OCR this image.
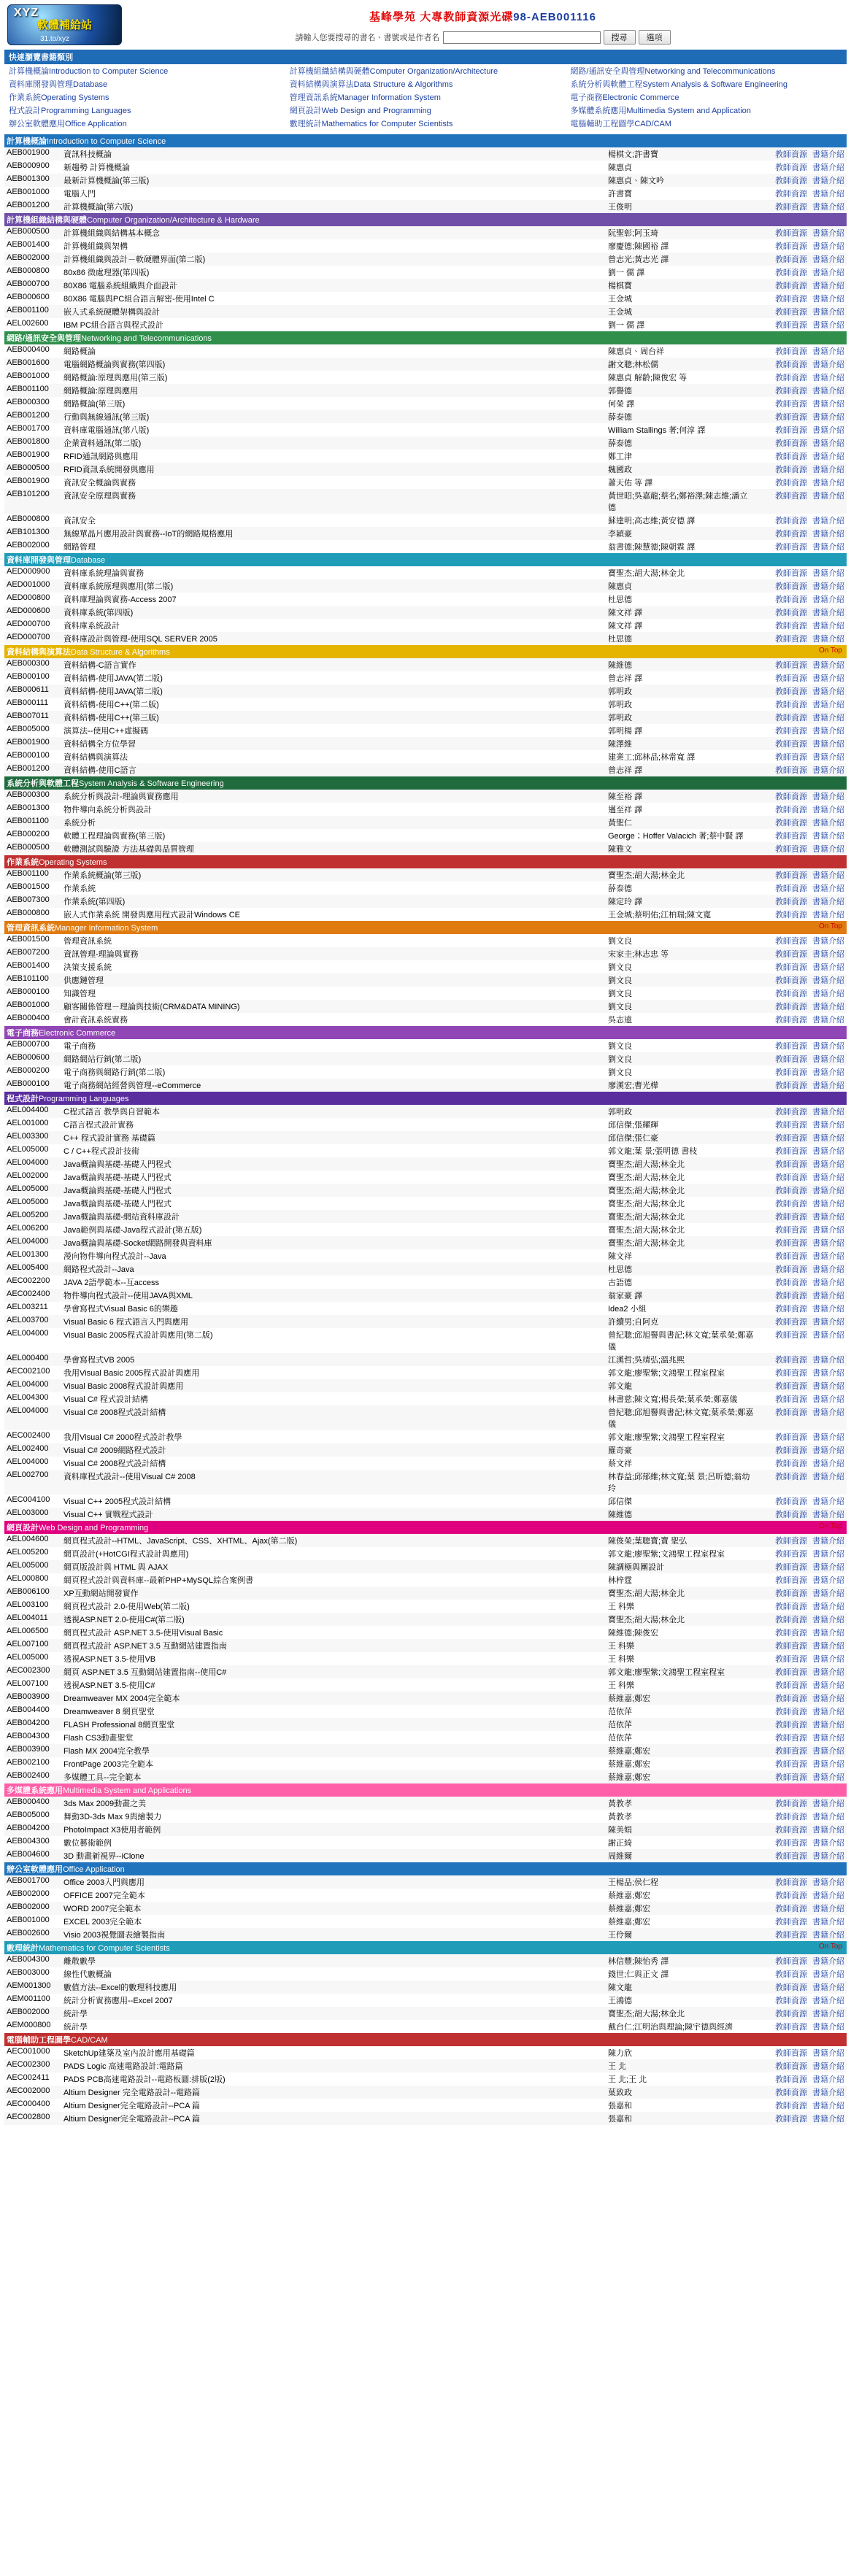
XYZ
軟體補給站
31.to/xyz
基峰學苑 大專教師資源光碟98-AEB001116
請輸入您要搜尋的書名、書號或是作者名	搜尋	選項
快速瀏覽書籍類別
計算機概論Introduction to Computer Science	計算機組織結構與硬體Computer Organization/Architecture	網路/通訊安全與管理Networking and Telecommunications
資料庫開發與管理Database	資料結構與演算法Data Structure & Algorithms	系統分析與軟體工程System Analysis & Software Engineering
作業系統Operating Systems	管理資訊系統Manager Information System	電子商務Electronic Commerce
程式設計Programming Languages	網頁設計Web Design and Programming	多媒體系統應用Multimedia System and Application
辦公室軟體應用Office Application	數理統計Mathematics for Computer Scientists	電腦輔助工程圖學CAD/CAM
計算機概論Introduction to Computer Science			
AEB001900	資訊科技概論	楊棋文;許書寶	教師資源 書籍介紹
AEB000900	新趨勢 計算機概論	陳惠貞	教師資源 書籍介紹
AEB001300	最新計算機概論(第三版)	陳惠貞、陳文吟	教師資源 書籍介紹
AEB001000	電腦入門	許書寶	教師資源 書籍介紹
AEB001200	計算機概論(第六版)	王俊明	教師資源 書籍介紹
計算機組織結構與硬體Computer Organization/Architecture & Hardware			
AEB000500	計算機組織與結構基本概念	阮聖彰;阿玉琦	教師資源 書籍介紹
AEB001400	計算機組織與架構	廖慶德;陳國裕 譯	教師資源 書籍介紹
AEB002000	計算機組織與設計－軟硬體界面(第二版)	曾志光;黃志光 譯	教師資源 書籍介紹
AEB000800	80x86 微處理器(第四版)	劉一 儒 譯	教師資源 書籍介紹
AEB000700	80X86 電腦系統組織與介面設計	楊棋寶	教師資源 書籍介紹
AEB000600	80X86 電腦與PC組合語言解密-使用Intel C	王金城	教師資源 書籍介紹
AEB001100	嵌入式系統硬體架構與設計	王金城	教師資源 書籍介紹
AEL002600	IBM PC組合語言與程式設計	劉一 儒 譯	教師資源 書籍介紹
網路/通訊安全與管理Networking and Telecommunications			
AEB000400	網路概論	陳惠貞、周台祥	教師資源 書籍介紹
AEB001600	電腦網路概論與實務(第四版)	謝文聰;林松儒	教師資源 書籍介紹
AEB001000	網路概論:原理與應用(第三版)	陳惠貞 解齡;陳俊宏 等	教師資源 書籍介紹
AEB001100	網路概論:原理與應用	郭譽德	教師資源 書籍介紹
AEB000300	網路概論(第三版)	何榮 譯	教師資源 書籍介紹
AEB001200	行動與無線通訊(第三版)	薛泰德	教師資源 書籍介紹
AEB001700	資料庫電腦通訊(第八版)	William Stallings 著;何淳 譯	教師資源 書籍介紹
AEB001800	企業資料通訊(第二版)	薛泰德	教師資源 書籍介紹
AEB001900	RFID通訊網路與應用	鄭工津	教師資源 書籍介紹
AEB000500	RFID資訊系統開發與應用	魏國政	教師資源 書籍介紹
AEB001900	資訊安全概論與實務	蕭天佑 等 譯	教師資源 書籍介紹
AEB101200	資訊安全原理與實務	黃世昭;吳嘉龍;蔡名;鄭裕澤;陳志維;潘立德	教師資源 書籍介紹
AEB000800	資訊安全	蘇達明;高志維;黃安德 譯	教師資源 書籍介紹
AEB101300	無線單晶片應用設計與實務--IoT的網路規格應用	李穎豪	教師資源 書籍介紹
AEB002000	網路管理	翁書德;陳慧德;陳朝霖 譯	教師資源 書籍介紹
資料庫開發與管理Database			
AED000900	資料庫系統理論與實務	寶聖杰;胡大湯;林金北	教師資源 書籍介紹
AED001000	資料庫系統原理與應用(第二版)	陳惠貞	教師資源 書籍介紹
AED000800	資料庫理論與實務-Access 2007	杜思德	教師資源 書籍介紹
AED000600	資料庫系統(第四版)	陳文祥 譯	教師資源 書籍介紹
AED000700	資料庫系統設計	陳文祥 譯	教師資源 書籍介紹
AED000700	資料庫設計與管理-使用SQL SERVER 2005	杜思德	教師資源 書籍介紹
資料結構與演算法Data Structure & Algorithms On Top			

AEB000300	資料結構-C語言實作	陳維德	教師資源 書籍介紹
AEB000100	資料結構-使用JAVA(第二版)	曾志祥 譯	教師資源 書籍介紹
AEB000611	資料結構-使用JAVA(第二版)	郭明政	教師資源 書籍介紹
AEB000111	資料結構-使用C++(第二版)	郭明政	教師資源 書籍介紹
AEB007011	資料結構-使用C++(第三版)	郭明政	教師資源 書籍介紹
AEB005000	演算法--使用C++虛擬碼	郭明楊 譯	教師資源 書籍介紹
AEB001900	資料結構全方位學習	陳澤維	教師資源 書籍介紹
AEB000100	資料結構與演算法	建業工;邱林品;林常寬 譯	教師資源 書籍介紹
AEB001200	資料結構-使用C語言	曾志祥 譯	教師資源 書籍介紹
系統分析與軟體工程System Analysis & Software Engineering			
AEB000300	系統分析與設計-理論與實務應用	陳至裕 譯	教師資源 書籍介紹
AEB001300	物件導向系統分析與設計	邁至祥 譯	教師資源 書籍介紹
AEB001100	系統分析	黃聖仁	教師資源 書籍介紹
AEB000200	軟體工程理論與實務(第三版)	George；Hoffer Valacich 著;蔡中賢 譯	教師資源 書籍介紹
AEB000500	軟體測試與驗證 方法基礎與品質管理	陳雅文	教師資源 書籍介紹
作業系統Operating Systems			
AEB001100	作業系統概論(第三版)	寶聖杰;胡大湯;林金北	教師資源 書籍介紹
AEB001500	作業系統	薛泰德	教師資源 書籍介紹
AEB007300	作業系統(第四版)	陳定玲 譯	教師資源 書籍介紹
AEB000800	嵌入式作業系統 開發與應用程式設計Windows CE	王金城;蔡明佑;江柏瑞;陳文寬	教師資源 書籍介紹
管理資訊系統Manager Information System On Top			

AEB001500	管理資訊系統	劉文良	教師資源 書籍介紹
AEB007200	資訊管理-理論與實務	宋家圭;林志忠 等	教師資源 書籍介紹
AEB001400	決策支援系統	劉文良	教師資源 書籍介紹
AEB101100	供應鏈管理	劉文良	教師資源 書籍介紹
AEB000100	知識管理	劉文良	教師資源 書籍介紹
AEB001000	顧客關係管理－理論與技術(CRM&DATA MINING)	劉文良	教師資源 書籍介紹
AEB000400	會計資訊系統實務	吳志遠	教師資源 書籍介紹
電子商務Electronic Commerce			
AEB000700	電子商務	劉文良	教師資源 書籍介紹
AEB000600	網路網站行銷(第二版)	劉文良	教師資源 書籍介紹
AEB000200	電子商務與網路行銷(第二版)	劉文良	教師資源 書籍介紹
AEB000100	電子商務網站經營與管理--eCommerce	廖漢宏;曹光樺	教師資源 書籍介紹
程式設計Programming Languages			
AEL004400	C程式語言 教學與自習範本	郭明政	教師資源 書籍介紹
AEL001000	C語言程式設計實務	邱信傑;張耀輝	教師資源 書籍介紹
AEL003300	C++ 程式設計實務 基礎篇	邱信傑;張仁豪	教師資源 書籍介紹
AEL005000	C / C++程式設計技術	郭文龍;葉 景;張明德 書枝	教師資源 書籍介紹
AEL004000	Java概論與基礎-基礎入門程式	寶聖杰;胡大湯;林金北	教師資源 書籍介紹
AEL002000	Java概論與基礎-基礎入門程式	寶聖杰;胡大湯;林金北	教師資源 書籍介紹
AEL005000	Java概論與基礎-基礎入門程式	寶聖杰;胡大湯;林金北	教師資源 書籍介紹
AEL005000	Java概論與基礎-基礎入門程式	寶聖杰;胡大湯;林金北	教師資源 書籍介紹
AEL005200	Java概論與基礎-網站資料庫設計	寶聖杰;胡大湯;林金北	教師資源 書籍介紹
AEL006200	Java範例與基礎-Java程式設計(第五版)	寶聖杰;胡大湯;林金北	教師資源 書籍介紹
AEL004000	Java概論與基礎-Socket網路開發與資料庫	寶聖杰;胡大湯;林金北	教師資源 書籍介紹
AEL001300	漫向物件導向程式設計--Java	陳文祥	教師資源 書籍介紹
AEL005400	網路程式設計--Java	杜思德	教師資源 書籍介紹
AEC002200	JAVA 2語學範本--互access	古語德	教師資源 書籍介紹
AEC002400	物件導向程式設計--使用JAVA與XML	翁家豪 譯	教師資源 書籍介紹
AEL003211	學會寫程式Visual Basic 6的樂趣	Idea2 小組	教師資源 書籍介紹
AEL003700	Visual Basic 6 程式語言入門與應用	許續男;自阿克	教師資源 書籍介紹
AEL004000	Visual Basic 2005程式設計與應用(第二版)	曾紀聰;邱旭譽與書記;林文寬;葉承榮;鄭嘉儀	教師資源 書籍介紹
AEL000400	學會寫程式VB 2005	江漢哲;吳靖弘;溫兆熙	教師資源 書籍介紹
AEC002100	我用Visual Basic 2005程式設計與應用	郭文龍;廖聖紫;文鴻聖工程室程室	教師資源 書籍介紹
AEL004000	Visual Basic 2008程式設計與應用	郭文龍	教師資源 書籍介紹
AEL004300	Visual C# 程式設計結構	林書慈;陳文寬;楊長榮;葉承榮;鄭嘉儀	教師資源 書籍介紹
AEL004000	Visual C# 2008程式設計結構	曾紀聰;邱旭譽與書記;林文寬;葉承榮;鄭嘉儀	教師資源 書籍介紹
AEC002400	我用Visual C# 2000程式設計教學	郭文龍;廖聖紫;文鴻聖工程室程室	教師資源 書籍介紹
AEL002400	Visual C# 2009網路程式設計	羅奇豪	教師資源 書籍介紹
AEL004000	Visual C# 2008程式設計結構	蔡文祥	教師資源 書籍介紹
AEL002700	資料庫程式設計--使用Visual C# 2008	林春益;邱郁維;林文寬;葉 景;呂昕德;翁幼玲	教師資源 書籍介紹
AEC004100	Visual C++ 2005程式設計結構	邱信傑	教師資源 書籍介紹
AEL003000	Visual C++ 實戰程式設計	陳維德	教師資源 書籍介紹
網頁設計Web Design and Programming On Top			

AEL004600	網頁程式設計--HTML、JavaScript、CSS、XHTML、Ajax(第二版)	陳俊榮;葉聰寶;寶 聖弘	教師資源 書籍介紹
AEL005200	網頁設計(+HotCGI程式設計與應用)	郭文龍;廖聖紫;文鴻聖工程室程室	教師資源 書籍介紹
AEL005000	網頁版設計與 HTML 與 AJAX	陳調極與團設計	教師資源 書籍介紹
AEL000800	網頁程式設計與資料庫--最新PHP+MySQL綜合案例書	林梓霆	教師資源 書籍介紹
AEB006100	XP互動網站開發實作	寶聖杰;胡大湯;林金北	教師資源 書籍介紹
AEL003100	網頁程式設計 2.0-使用Web(第二版)	王 科樂	教師資源 書籍介紹
AEL004011	透視ASP.NET 2.0-使用C#(第二版)	寶聖杰;胡大湯;林金北	教師資源 書籍介紹
AEL006500	網頁程式設計 ASP.NET 3.5-使用Visual Basic	陳維德;陳俊宏	教師資源 書籍介紹
AEL007100	網頁程式設計 ASP.NET 3.5 互動網站建置指南	王 科樂	教師資源 書籍介紹
AEL005000	透視ASP.NET 3.5-使用VB	王 科樂	教師資源 書籍介紹
AEC002300	網頁 ASP.NET 3.5 互動網站建置指南--使用C#	郭文龍;廖聖紫;文鴻聖工程室程室	教師資源 書籍介紹
AEL007100	透視ASP.NET 3.5-使用C#	王 科樂	教師資源 書籍介紹
AEB003900	Dreamweaver MX 2004完全範本	蔡維嘉;鄭宏	教師資源 書籍介紹
AEB004400	Dreamweaver 8 網頁聖堂	范依萍	教師資源 書籍介紹
AEB004200	FLASH Professional 8網頁聖堂	范依萍	教師資源 書籍介紹
AEB004300	Flash CS3動畫聖堂	范依萍	教師資源 書籍介紹
AEB003900	Flash MX 2004完全教學	蔡維嘉;鄭宏	教師資源 書籍介紹
AEB002100	FrontPage 2003完全範本	蔡維嘉;鄭宏	教師資源 書籍介紹
AEB002400	多媒體工具--完全範本	蔡維嘉;鄭宏	教師資源 書籍介紹
多媒體系統應用Multimedia System and Applications			
AEB000400	3ds Max 2009動畫之美	黃教孝	教師資源 書籍介紹
AEB005000	舞動3D-3ds Max 9與繪製力	黃教孝	教師資源 書籍介紹
AEB004200	PhotoImpact X3使用者範例	陳美娟	教師資源 書籍介紹
AEB004300	數位藝術範例	謝正綺	教師資源 書籍介紹
AEB004600	3D 動畫新視界--iClone	周維爾	教師資源 書籍介紹
辦公室軟體應用Office Application			
AEB001700	Office 2003入門與應用	王楊品;侯仁程	教師資源 書籍介紹
AEB002000	OFFICE 2007完全範本	蔡維嘉;鄭宏	教師資源 書籍介紹
AEB002000	WORD 2007完全範本	蔡維嘉;鄭宏	教師資源 書籍介紹
AEB001000	EXCEL 2003完全範本	蔡維嘉;鄭宏	教師資源 書籍介紹
AEB002600	Visio 2003視覺圖表繪製指南	王伶爾	教師資源 書籍介紹
數理統計Mathematics for Computer Scientists On Top			

AEB004300	離散數學	林信豐;陳怡秀 譯	教師資源 書籍介紹
AEB003000	線性代數概論	錢世;仁與正文 譯	教師資源 書籍介紹
AEM001300	數值方法--Excel的數理科技應用	陳文龍	教師資源 書籍介紹
AEM001100	統計分析實務應用--Excel 2007	王鴻德	教師資源 書籍介紹
AEB002000	統計學	寶聖杰;胡大湯;林金北	教師資源 書籍介紹
AEM000800	統計學	戴台仁;江明治與理論;陳宇德與經濟	教師資源 書籍介紹
電腦輔助工程圖學CAD/CAM			
AEC001000	SketchUp建築及室內設計應用基礎篇	陳力欣	教師資源 書籍介紹
AEC002300	PADS Logic 高速電路設計:電路篇	王 北	教師資源 書籍介紹
AEC002411	PADS PCB高速電路設計--電路板圖:排版(2版)	王 北;王 北	教師資源 書籍介紹
AEC002000	Altium Designer 完全電路設計--電路篇	葉致政	教師資源 書籍介紹
AEC000400	Altium Designer完全電路設計--PCA 篇	張嘉和	教師資源 書籍介紹
AEC002800	Altium Designer完全電路設計--PCA 篇	張嘉和	教師資源 書籍介紹
